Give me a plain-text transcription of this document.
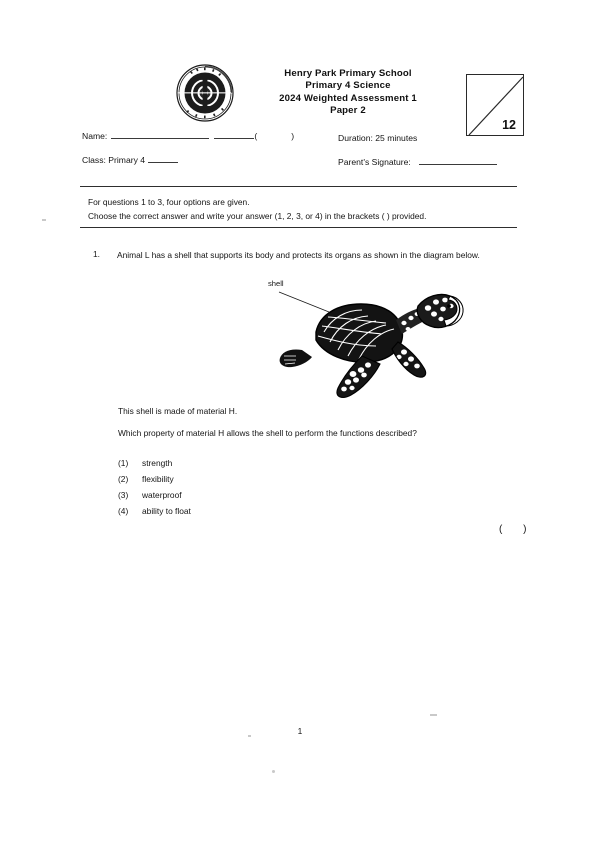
Henry Park Primary School
Primary 4 Science
2024 Weighted Assessment 1
Paper 2
12
Name:	(	)
Class: Primary 4
Duration: 25 minutes
Parent's Signature:
For questions 1 to 3, four options are given.
Choose the correct answer and write your answer (1, 2, 3, or 4) in the brackets ( ) provided.
1. Animal L has a shell that supports its body and protects its organs as shown in the diagram below.
shell
This shell is made of material H.
Which property of material H allows the shell to perform the functions described?
(1)	strength
(2)	flexibility
(3)	waterproof
(4)	ability to float
( )
1
